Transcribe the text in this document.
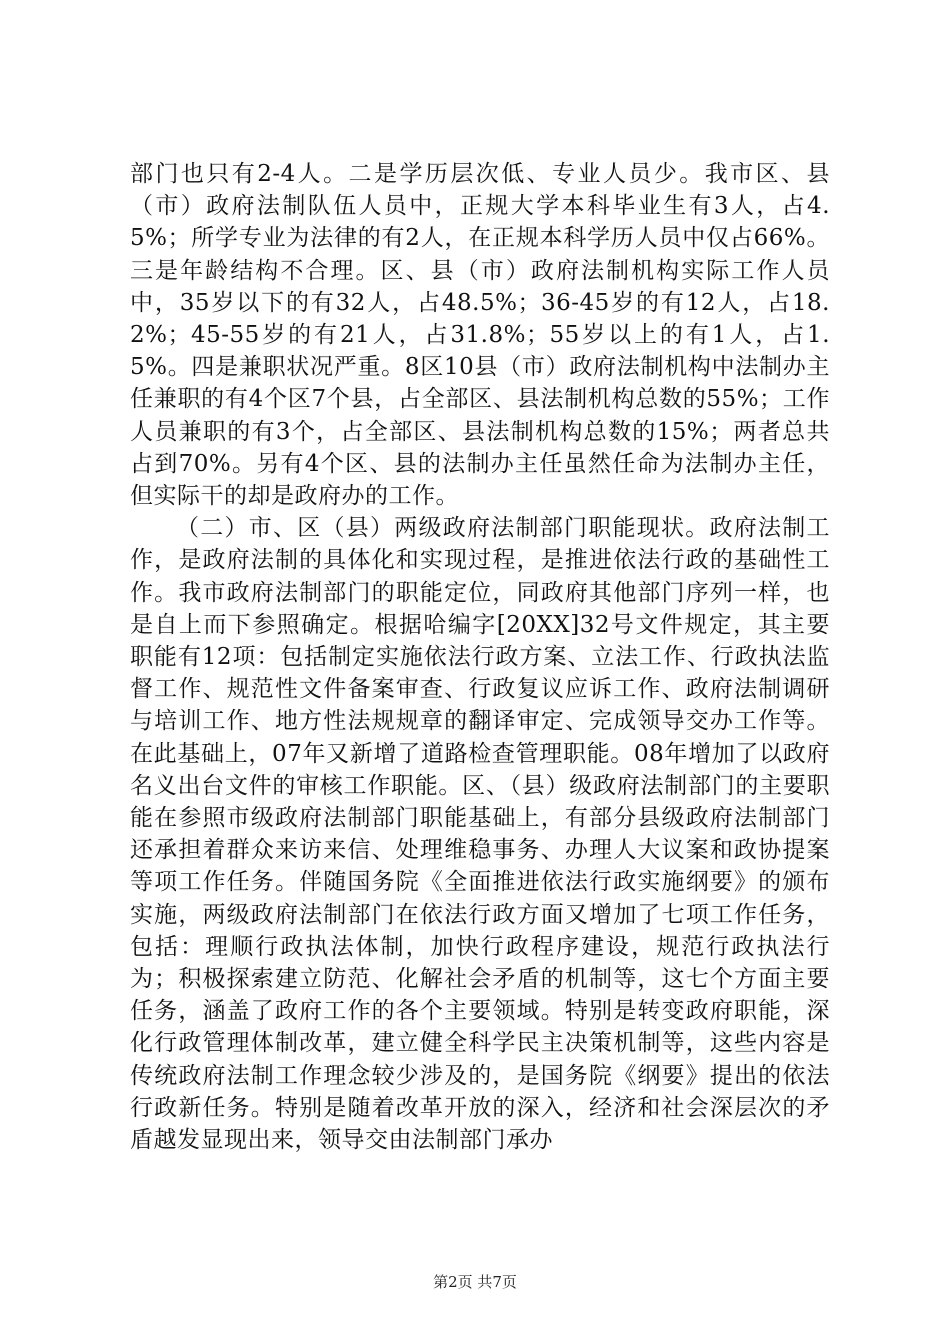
部门也只有2-4人。二是学历层次低、专业人员少。我市区、县（市）政府法制队伍人员中，正规大学本科毕业生有3人，占4.5%；所学专业为法律的有2人，在正规本科学历人员中仅占66%。三是年龄结构不合理。区、县（市）政府法制机构实际工作人员中，35岁以下的有32人，占48.5%；36-45岁的有12人，占18.2%；45-55岁的有21人，占31.8%；55岁以上的有1人，占1.5%。四是兼职状况严重。8区10县（市）政府法制机构中法制办主任兼职的有4个区7个县，占全部区、县法制机构总数的55%；工作人员兼职的有3个，占全部区、县法制机构总数的15%；两者总共占到70%。另有4个区、县的法制办主任虽然任命为法制办主任，但实际干的却是政府办的工作。

（二）市、区（县）两级政府法制部门职能现状。政府法制工作，是政府法制的具体化和实现过程，是推进依法行政的基础性工作。我市政府法制部门的职能定位，同政府其他部门序列一样，也是自上而下参照确定。根据哈编字[20XX]32号文件规定，其主要职能有12项：包括制定实施依法行政方案、立法工作、行政执法监督工作、规范性文件备案审查、行政复议应诉工作、政府法制调研与培训工作、地方性法规规章的翻译审定、完成领导交办工作等。在此基础上，07年又新增了道路检查管理职能。08年增加了以政府名义出台文件的审核工作职能。区、（县）级政府法制部门的主要职能在参照市级政府法制部门职能基础上，有部分县级政府法制部门还承担着群众来访来信、处理维稳事务、办理人大议案和政协提案等项工作任务。伴随国务院《全面推进依法行政实施纲要》的颁布实施，两级政府法制部门在依法行政方面又增加了七项工作任务，包括：理顺行政执法体制，加快行政程序建设，规范行政执法行为；积极探索建立防范、化解社会矛盾的机制等，这七个方面主要任务，涵盖了政府工作的各个主要领域。特别是转变政府职能，深化行政管理体制改革，建立健全科学民主决策机制等，这些内容是传统政府法制工作理念较少涉及的，是国务院《纲要》提出的依法行政新任务。特别是随着改革开放的深入，经济和社会深层次的矛盾越发显现出来，领导交由法制部门承办

第2页 共7页
